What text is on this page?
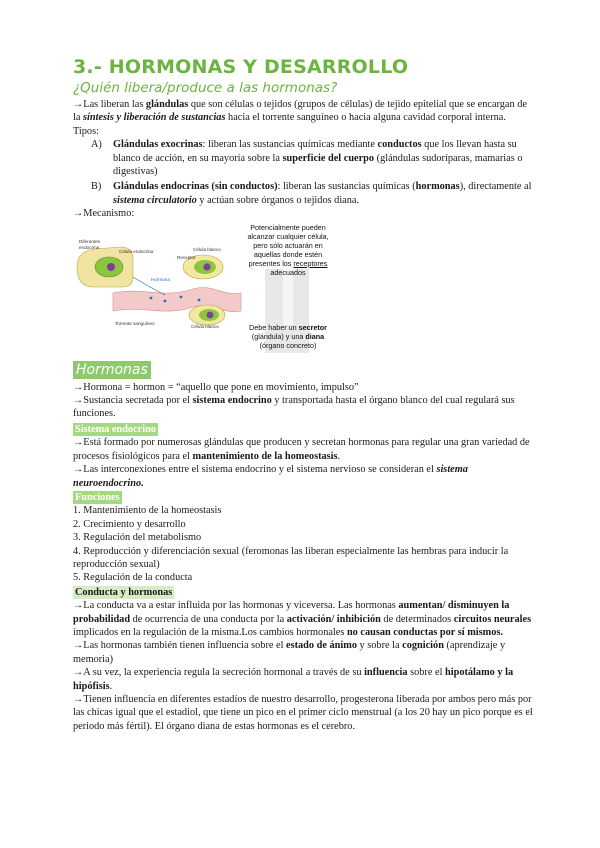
3.- HORMONAS Y DESARROLLO
¿Quién libera/produce a las hormonas?

→Las liberan las glándulas que son células o tejidos (grupos de células) de tejido epitelial que se encargan de la síntesis y liberación de sustancias hacia el torrente sanguíneo o hacia alguna cavidad corporal interna. Tipos:

A) Glándulas exocrinas: liberan las sustancias químicas mediante conductos que los llevan hasta su blanco de acción, en su mayoría sobre la superficie del cuerpo (glándulas sudoríparas, mamarias o digestivas)
B) Glándulas endocrinas (sin conductos): liberan las sustancias químicas (hormonas), directamente al sistema circulatorio y actúan sobre órganos o tejidos diana.

→Mecanismo:

Diferentes
endocrina
Célula endocrina	Célula blanco
Receptor
Hormona
Torrente sanguíneo
Célula blanco
Potencialmente pueden
alcanzar cualquier célula,
pero sólo actuarán en
aquellas donde estén
presentes los receptores
adecuados
Debe haber un secretor
(glándula) y una diana
(órgano concreto)
Hormonas

→Hormona = hormon = “aquello que pone en movimiento, impulso”

→Sustancia secretada por el sistema endocrino y transportada hasta el órgano blanco del cual regulará sus funciones.

Sistema endocrino

→Está formado por numerosas glándulas que producen y secretan hormonas para regular una gran variedad de procesos fisiológicos para el mantenimiento de la homeostasis.

→Las interconexiones entre el sistema endocrino y el sistema nervioso se consideran el sistema neuroendocrino.

Funciones

1. Mantenimiento de la homeostasis

2. Crecimiento y desarrollo

3. Regulación del metabolismo

4. Reproducción y diferenciación sexual (feromonas las liberan especialmente las hembras para inducir la reproducción sexual)

5. Regulación de la conducta

Conducta y hormonas

→La conducta va a estar influida por las hormonas y viceversa. Las hormonas aumentan/ disminuyen la probabilidad de ocurrencia de una conducta por la activación/ inhibición de determinados circuitos neurales implicados en la regulación de la misma.Los cambios hormonales no causan conductas por sí mismos.

→Las hormonas también tienen influencia sobre el estado de ánimo y sobre la cognición (aprendizaje y memoria)

→A su vez, la experiencia regula la secreción hormonal a través de su influencia sobre el hipotálamo y la hipófisis.

→Tienen influencia en diferentes estadíos de nuestro desarrollo, progesterona liberada por ambos pero más por las chicas igual que el estadiol, que tiene un pico en el primer ciclo menstrual (a los 20 hay un pico porque es el periodo más fértil). El órgano diana de estas hormonas es el cerebro.
